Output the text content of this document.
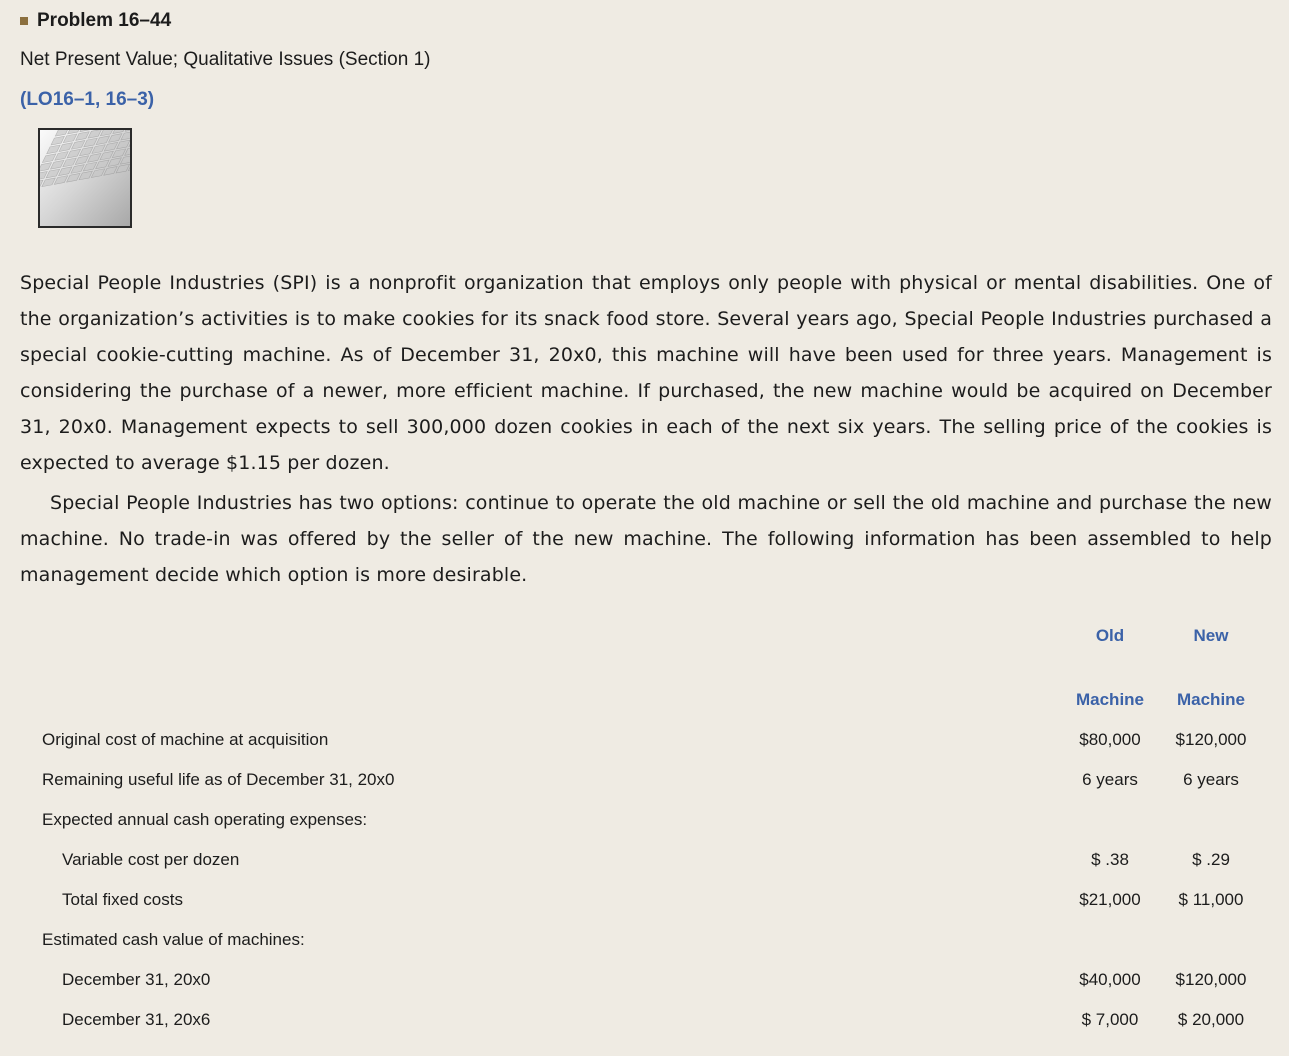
Problem 16–44
Net Present Value; Qualitative Issues (Section 1)
(LO16–1, 16–3)

Special People Industries (SPI) is a nonprofit organization that employs only people with physical or mental disabilities. One of the organization’s activities is to make cookies for its snack food store. Several years ago, Special People Industries purchased a special cookie-cutting machine. As of December 31, 20x0, this machine will have been used for three years. Management is considering the purchase of a newer, more efficient machine. If purchased, the new machine would be acquired on December 31, 20x0. Management expects to sell 300,000 dozen cookies in each of the next six years. The selling price of the cookies is expected to average $1.15 per dozen.

Special People Industries has two options: continue to operate the old machine or sell the old machine and purchase the new machine. No trade-in was offered by the seller of the new machine. The following information has been assembled to help management decide which option is more desirable.

Old	New
Machine	Machine
Original cost of machine at acquisition	$80,000	$120,000
Remaining useful life as of December 31, 20x0	6 years	6 years
Expected annual cash operating expenses:
Variable cost per dozen	$ .38	$ .29
Total fixed costs	$21,000	$ 11,000
Estimated cash value of machines:
December 31, 20x0	$40,000	$120,000
December 31, 20x6	$ 7,000	$ 20,000
